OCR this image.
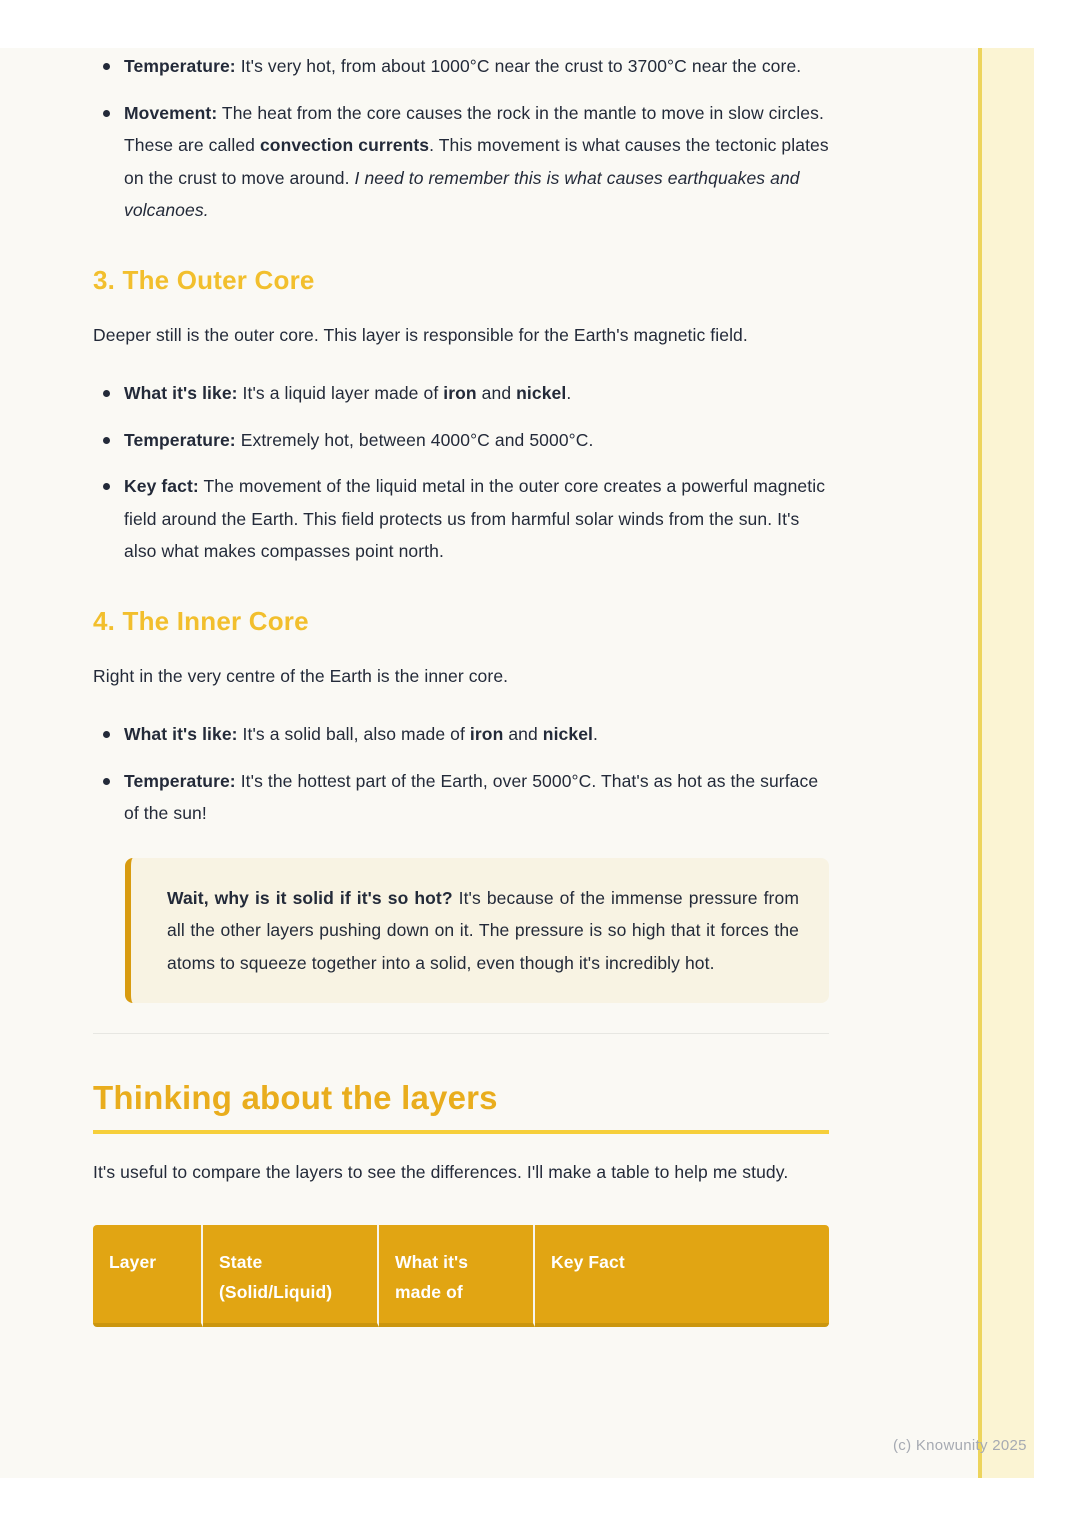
Temperature: It's very hot, from about 1000°C near the crust to 3700°C near the core.
Movement: The heat from the core causes the rock in the mantle to move in slow circles. These are called convection currents. This movement is what causes the tectonic plates on the crust to move around. I need to remember this is what causes earthquakes and volcanoes.
3. The Outer Core

Deeper still is the outer core. This layer is responsible for the Earth's magnetic field.

What it's like: It's a liquid layer made of iron and nickel.
Temperature: Extremely hot, between 4000°C and 5000°C.
Key fact: The movement of the liquid metal in the outer core creates a powerful magnetic field around the Earth. This field protects us from harmful solar winds from the sun. It's also what makes compasses point north.
4. The Inner Core

Right in the very centre of the Earth is the inner core.

What it's like: It's a solid ball, also made of iron and nickel.
Temperature: It's the hottest part of the Earth, over 5000°C. That's as hot as the surface of the sun!
Wait, why is it solid if it's so hot? It's because of the immense pressure from all the other layers pushing down on it. The pressure is so high that it forces the atoms to squeeze together into a solid, even though it's incredibly hot.
Thinking about the layers

It's useful to compare the layers to see the differences. I'll make a table to help me study.

Layer	State (Solid/Liquid)	What it's made of	Key Fact
(c) Knowunity 2025
